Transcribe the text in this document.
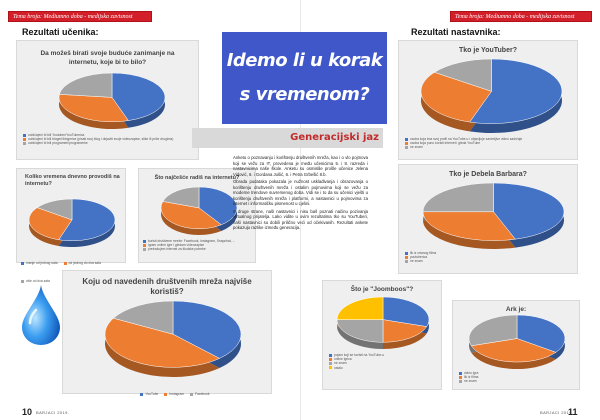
Tema broja: Mediumno doba - medijska zavisnost	Tema broja: Mediumno doba - medijska zavisnost
Rezultati učenika:	Rezultati nastavnika:
Da možeš birati svoje buduće zanimanje na internetu, koje bi to bilo?
uobičajeni bi bili Youtuber/YouTuberica
uobičajeni bi bili blogeri/blogerice (pisati svoj blog i objaviti svoje videozapise, slike ili priče drugima)
uobičajeni bi bili programeri/programerke
Koliko vremena dnevno provodiš na internetu?
manje od jednog sata	od jednog do dva sataviše od dva sata
Što najčešće radiš na internetu?
koristi društvene mreže: Facebook, Instagram, Snapchat, ...
igram online igre i gledam videozapise
pretražujem internet za školske potrebe
Koju od navedenih društvenih mreža najviše koristiš?
YouTube	Instagram	Facebook
Idemo li u korak s vremenom?
Generacijski jaz

Anketu o poznavanju i korištenju društvenih mreža, kao i o vlo pojmova koji se vežu za IT, provedena je među učenicima 5. i 8. razreda i nastavnicima naše škole. Anketu su osmislile prošle učenice Jelena Vidović, 6. i Gordana Jušić, 6. i Petra Grbešić 8.b.

Obrada podataka pokazala je nužnost usklađivanja i obrazovanja o korištenju društvenih mreža i ostalim pojmovima koji se vežu za moderne trendove suvremenog doba. Vidi se i to da su učenici vješti u korištenju društvenih mreža i platformi, a nastavnici u pojmovima za internet i informatičku pismenost u cjelini.

S druge strane, naši nastavnici i nisu baš poznati načinu pozivanja virtualnog prijatelja. Lako vidite u ovim rezultatima tko su YouTuberi, naši nastavnici su dobili prilično veći od očekivanih. Rezultati ankete pokazuju razlike između generacija.

Tko je YouTuber?
osoba koja ima svoj profil na YouTube-u i objavljuje zanimljive video sadržaje
osoba koja puno koristi internet i gleda YouTube
ne znam
Tko je Debela Barbara?
lik iz crtanog filma
youtuberica
ne znam
Što je "Joomboos"?
pojam koji se koristi na YouTube-u
online igrica
ne znam
ostalo
Ark je:
video igra
lik iz filma
ne znam
10 BARJACI 2019.	BARJACI 2019.
11
